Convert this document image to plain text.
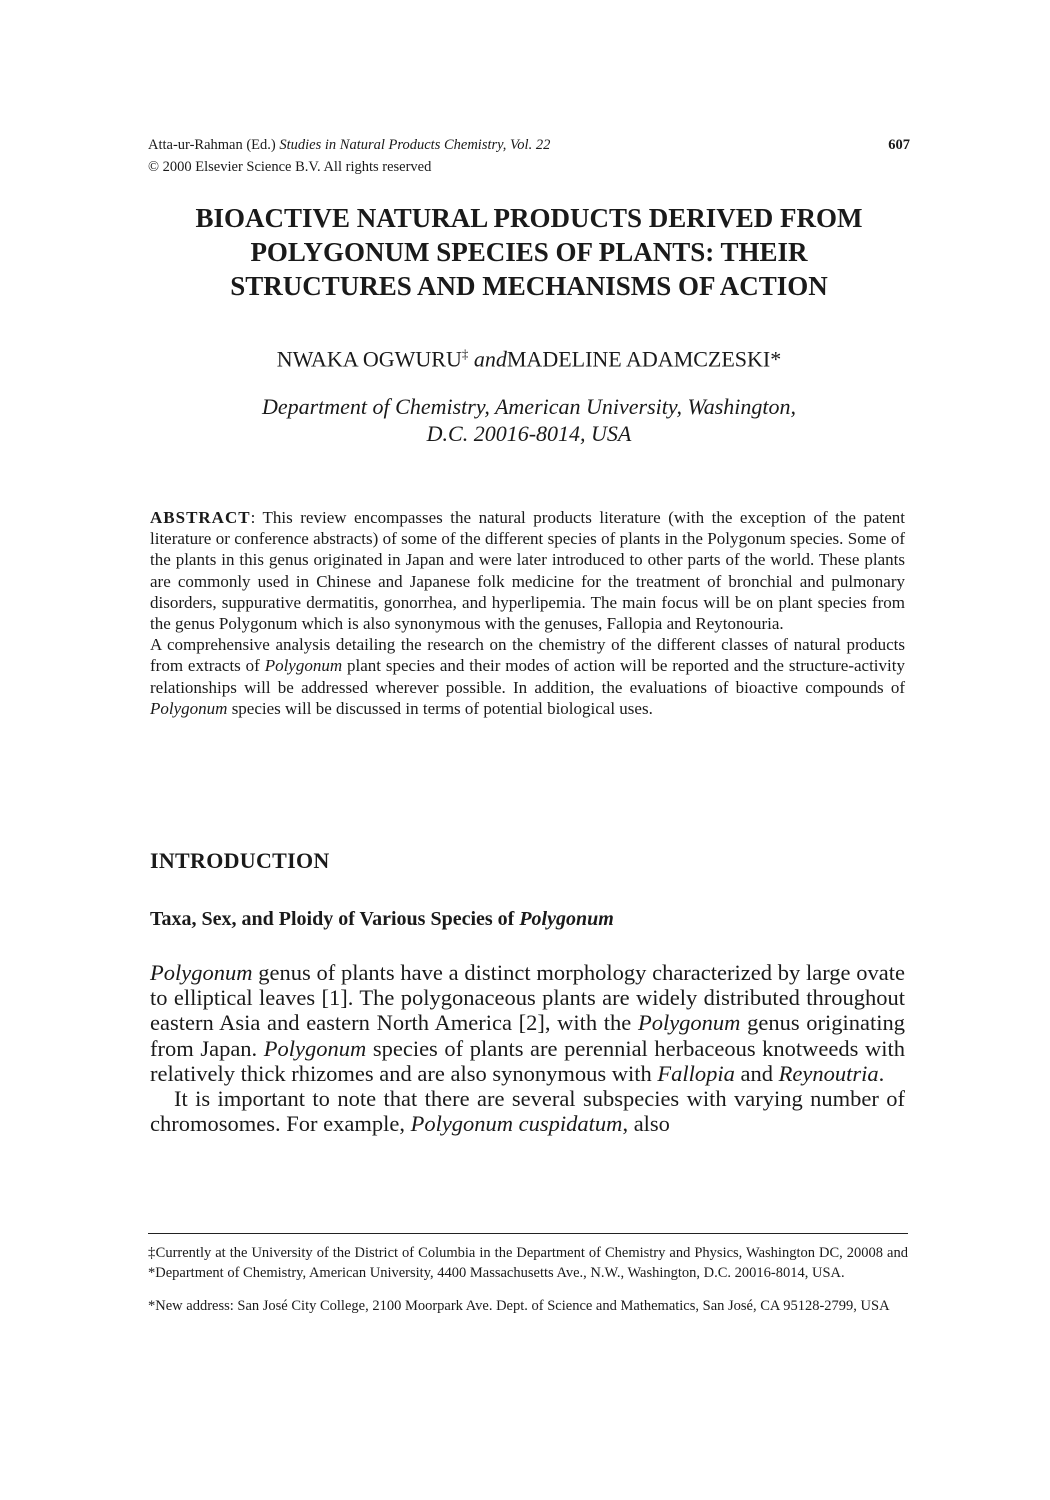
Atta-ur-Rahman (Ed.) Studies in Natural Products Chemistry, Vol. 22	607
© 2000 Elsevier Science B.V. All rights reserved
BIOACTIVE NATURAL PRODUCTS DERIVED FROM
POLYGONUM SPECIES OF PLANTS: THEIR
STRUCTURES AND MECHANISMS OF ACTION
NWAKA OGWURU‡ andMADELINE ADAMCZESKI*
Department of Chemistry, American University, Washington,
D.C. 20016-8014, USA

ABSTRACT: This review encompasses the natural products literature (with the exception of the patent literature or conference abstracts) of some of the different species of plants in the Polygonum species. Some of the plants in this genus originated in Japan and were later introduced to other parts of the world. These plants are commonly used in Chinese and Japanese folk medicine for the treatment of bronchial and pulmonary disorders, suppurative dermatitis, gonorrhea, and hyperlipemia. The main focus will be on plant species from the genus Polygonum which is also synonymous with the genuses, Fallopia and Reytonouria.

A comprehensive analysis detailing the research on the chemistry of the different classes of natural products from extracts of Polygonum plant species and their modes of action will be reported and the structure-activity relationships will be addressed wherever possible. In addition, the evaluations of bioactive compounds of Polygonum species will be discussed in terms of potential biological uses.

INTRODUCTION
Taxa, Sex, and Ploidy of Various Species of Polygonum

Polygonum genus of plants have a distinct morphology characterized by large ovate to elliptical leaves [1]. The polygonaceous plants are widely distributed throughout eastern Asia and eastern North America [2], with the Polygonum genus originating from Japan. Polygonum species of plants are perennial herbaceous knotweeds with relatively thick rhizomes and are also synonymous with Fallopia and Reynoutria.

It is important to note that there are several subspecies with varying number of chromosomes. For example, Polygonum cuspidatum, also

‡Currently at the University of the District of Columbia in the Department of Chemistry and Physics, Washington DC, 20008 and *Department of Chemistry, American University, 4400 Massachusetts Ave., N.W., Washington, D.C. 20016-8014, USA.

*New address: San José City College, 2100 Moorpark Ave. Dept. of Science and Mathematics, San José, CA 95128-2799, USA
